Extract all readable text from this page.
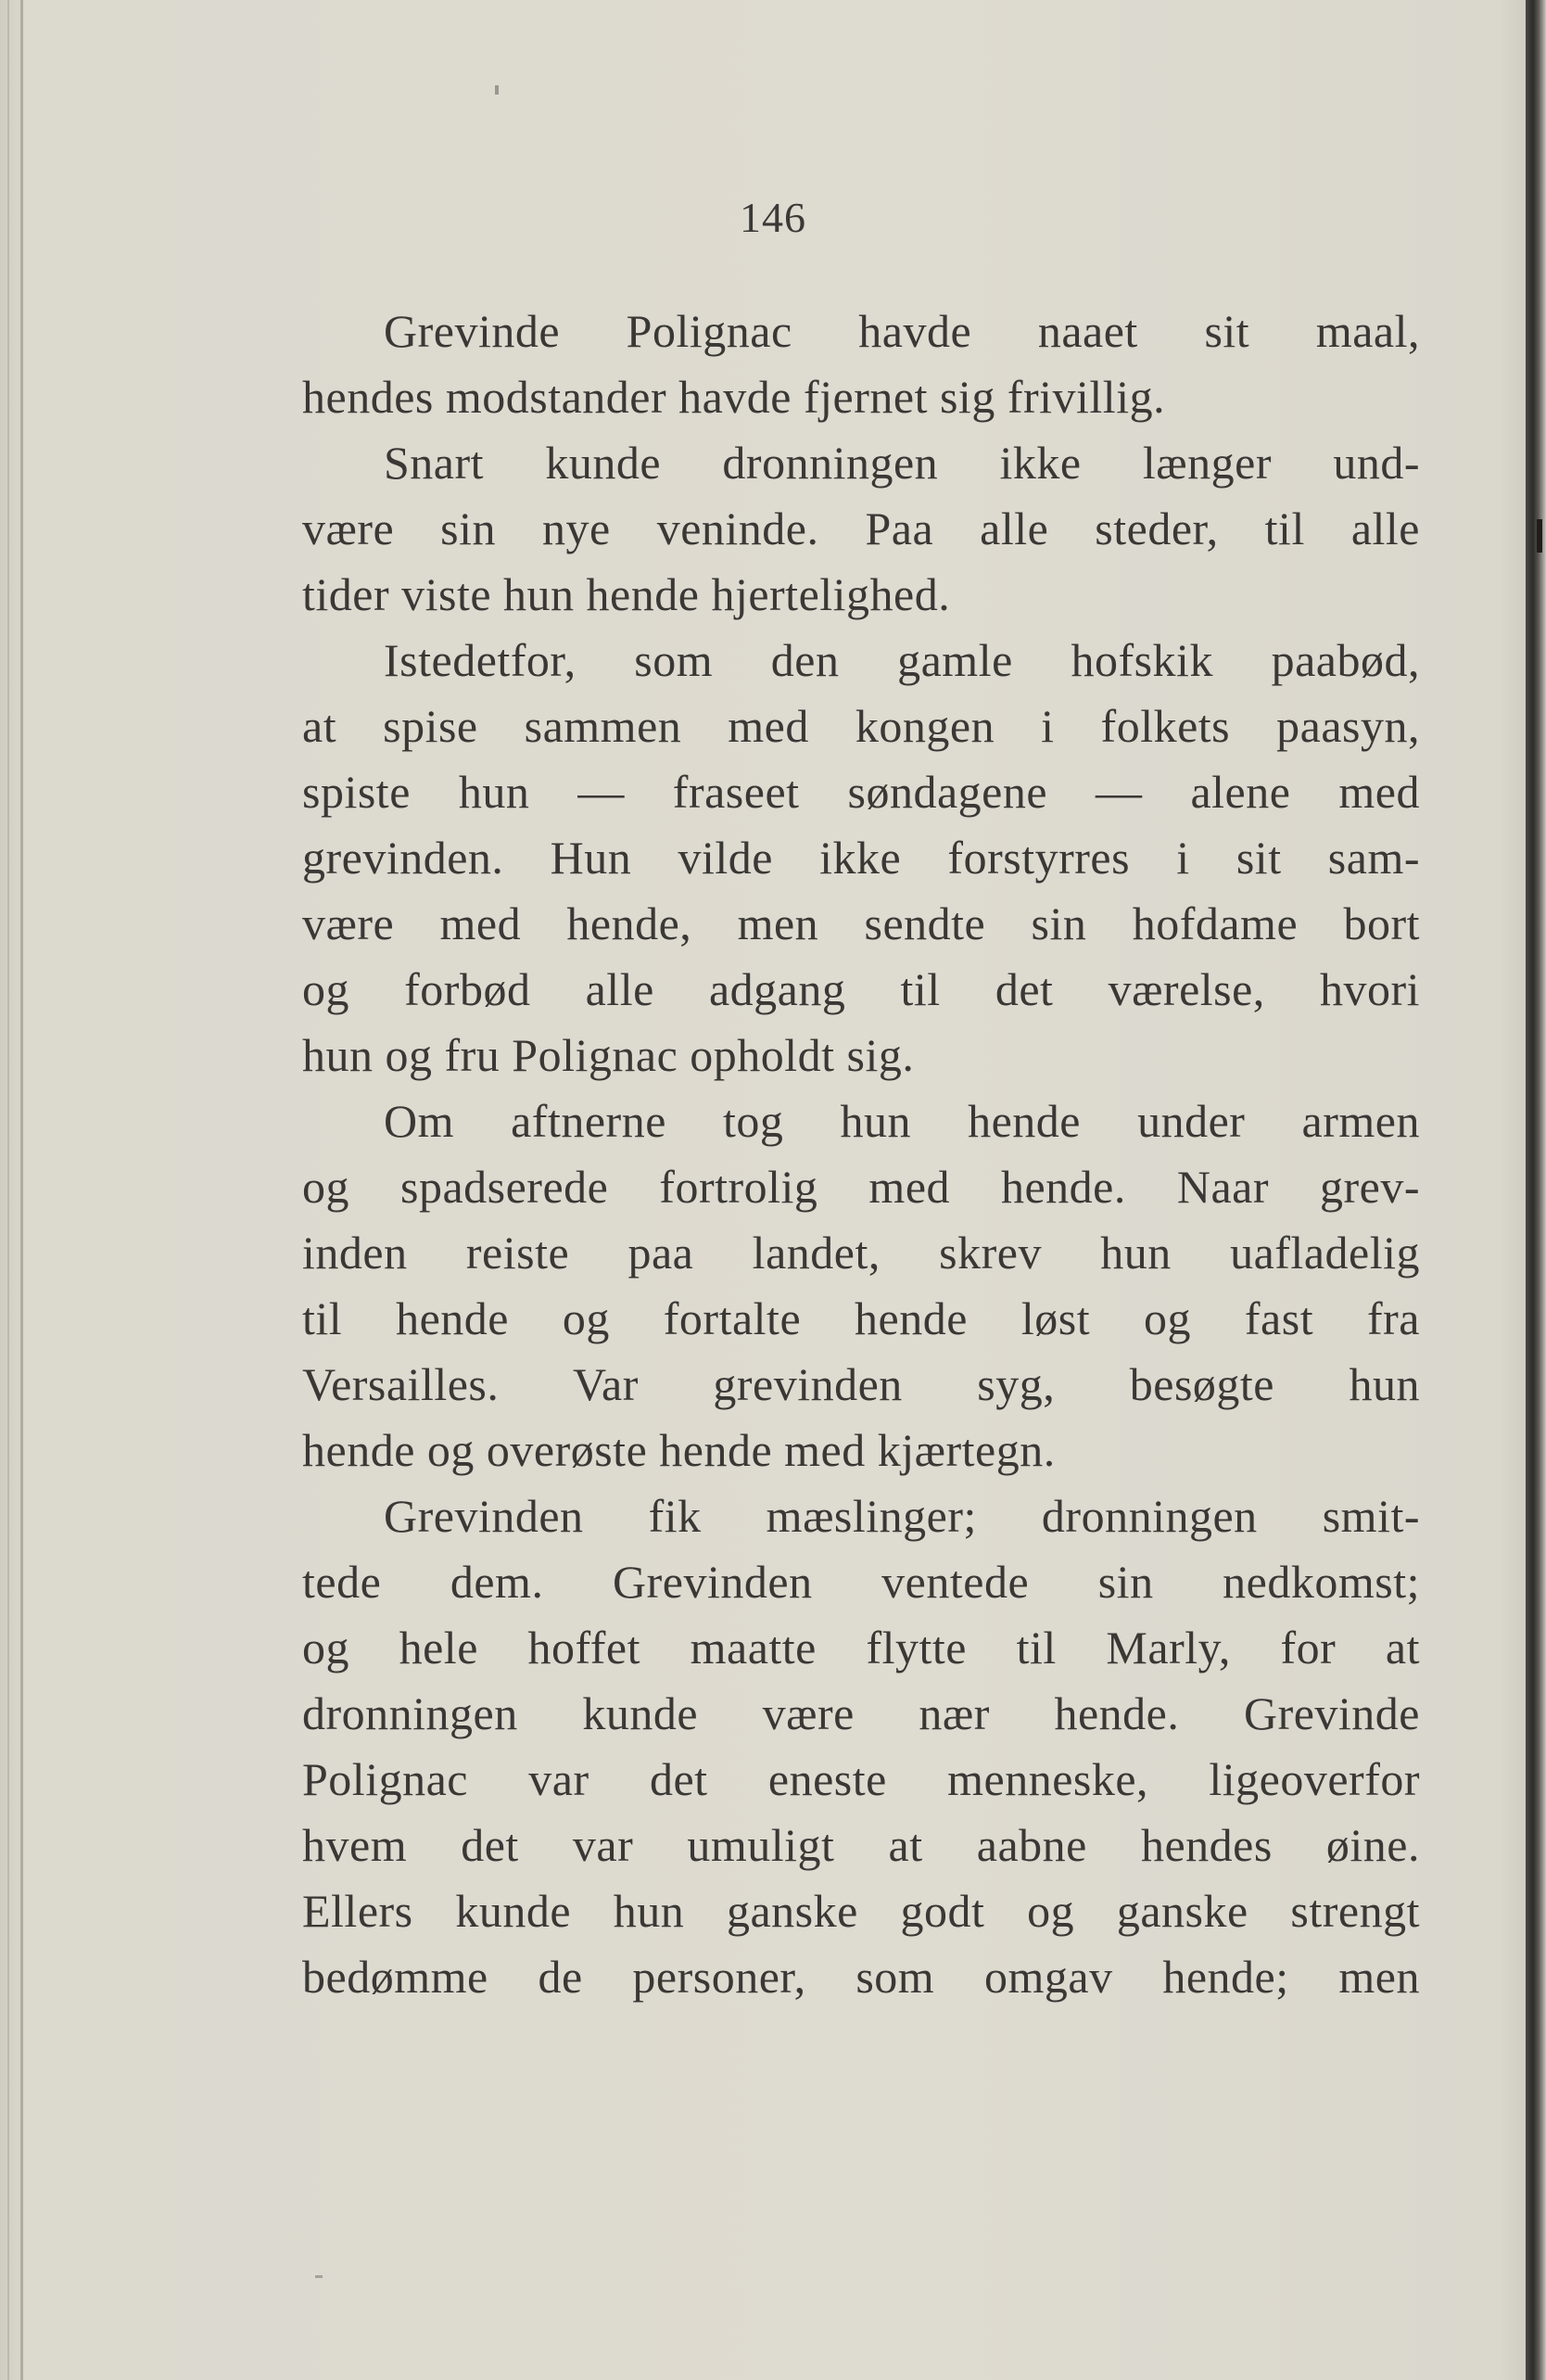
146
Grevinde Polignac havde naaet sit maal,
hendes modstander havde fjernet sig frivillig.
Snart kunde dronningen ikke længer und-
være sin nye veninde. Paa alle steder, til alle
tider viste hun hende hjertelighed.
Istedetfor, som den gamle hofskik paabød,
at spise sammen med kongen i folkets paasyn,
spiste hun — fraseet søndagene — alene med
grevinden. Hun vilde ikke forstyrres i sit sam-
være med hende, men sendte sin hofdame bort
og forbød alle adgang til det værelse, hvori
hun og fru Polignac opholdt sig.
Om aftnerne tog hun hende under armen
og spadserede fortrolig med hende. Naar grev-
inden reiste paa landet, skrev hun uafladelig
til hende og fortalte hende løst og fast fra
Versailles. Var grevinden syg, besøgte hun
hende og overøste hende med kjærtegn.
Grevinden fik mæslinger; dronningen smit-
tede dem. Grevinden ventede sin nedkomst;
og hele hoffet maatte flytte til Marly, for at
dronningen kunde være nær hende. Grevinde
Polignac var det eneste menneske, ligeoverfor
hvem det var umuligt at aabne hendes øine.
Ellers kunde hun ganske godt og ganske strengt
bedømme de personer, som omgav hende; men
